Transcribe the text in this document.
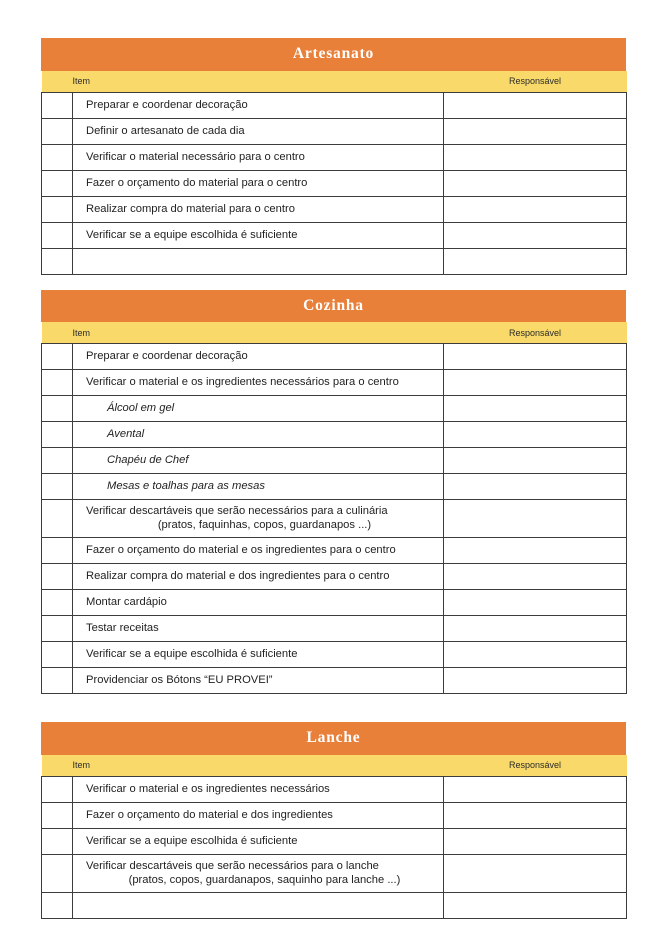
Artesanato
	Item	Responsável

	Preparar e coordenar decoração	

	Definir o artesanato de cada dia	

	Verificar o material necessário para o centro	

	Fazer o orçamento do material para o centro	

	Realizar compra do material para o centro	

	Verificar se a equipe escolhida é suficiente	

Cozinha
	Item	Responsável

	Preparar e coordenar decoração	

	Verificar o material e os ingredientes necessários para o centro	

	Álcool em gel	

	Avental	

	Chapéu de Chef	

	Mesas e toalhas para as mesas	

	Verificar descartáveis que serão necessários para a culinária
(pratos, faquinhas, copos, guardanapos ...)	

	Fazer o orçamento do material e os ingredientes para o centro	

	Realizar compra do material e dos ingredientes para o centro	

	Montar cardápio	

	Testar receitas	

	Verificar se a equipe escolhida é suficiente	

	Providenciar os Bótons “EU PROVEI”	

Lanche
	Item	Responsável

	Verificar o material e os ingredientes necessários	

	Fazer o orçamento do material e dos ingredientes	

	Verificar se a equipe escolhida é suficiente	

	Verificar descartáveis que serão necessários para o lanche
(pratos, copos, guardanapos, saquinho para lanche ...)	
